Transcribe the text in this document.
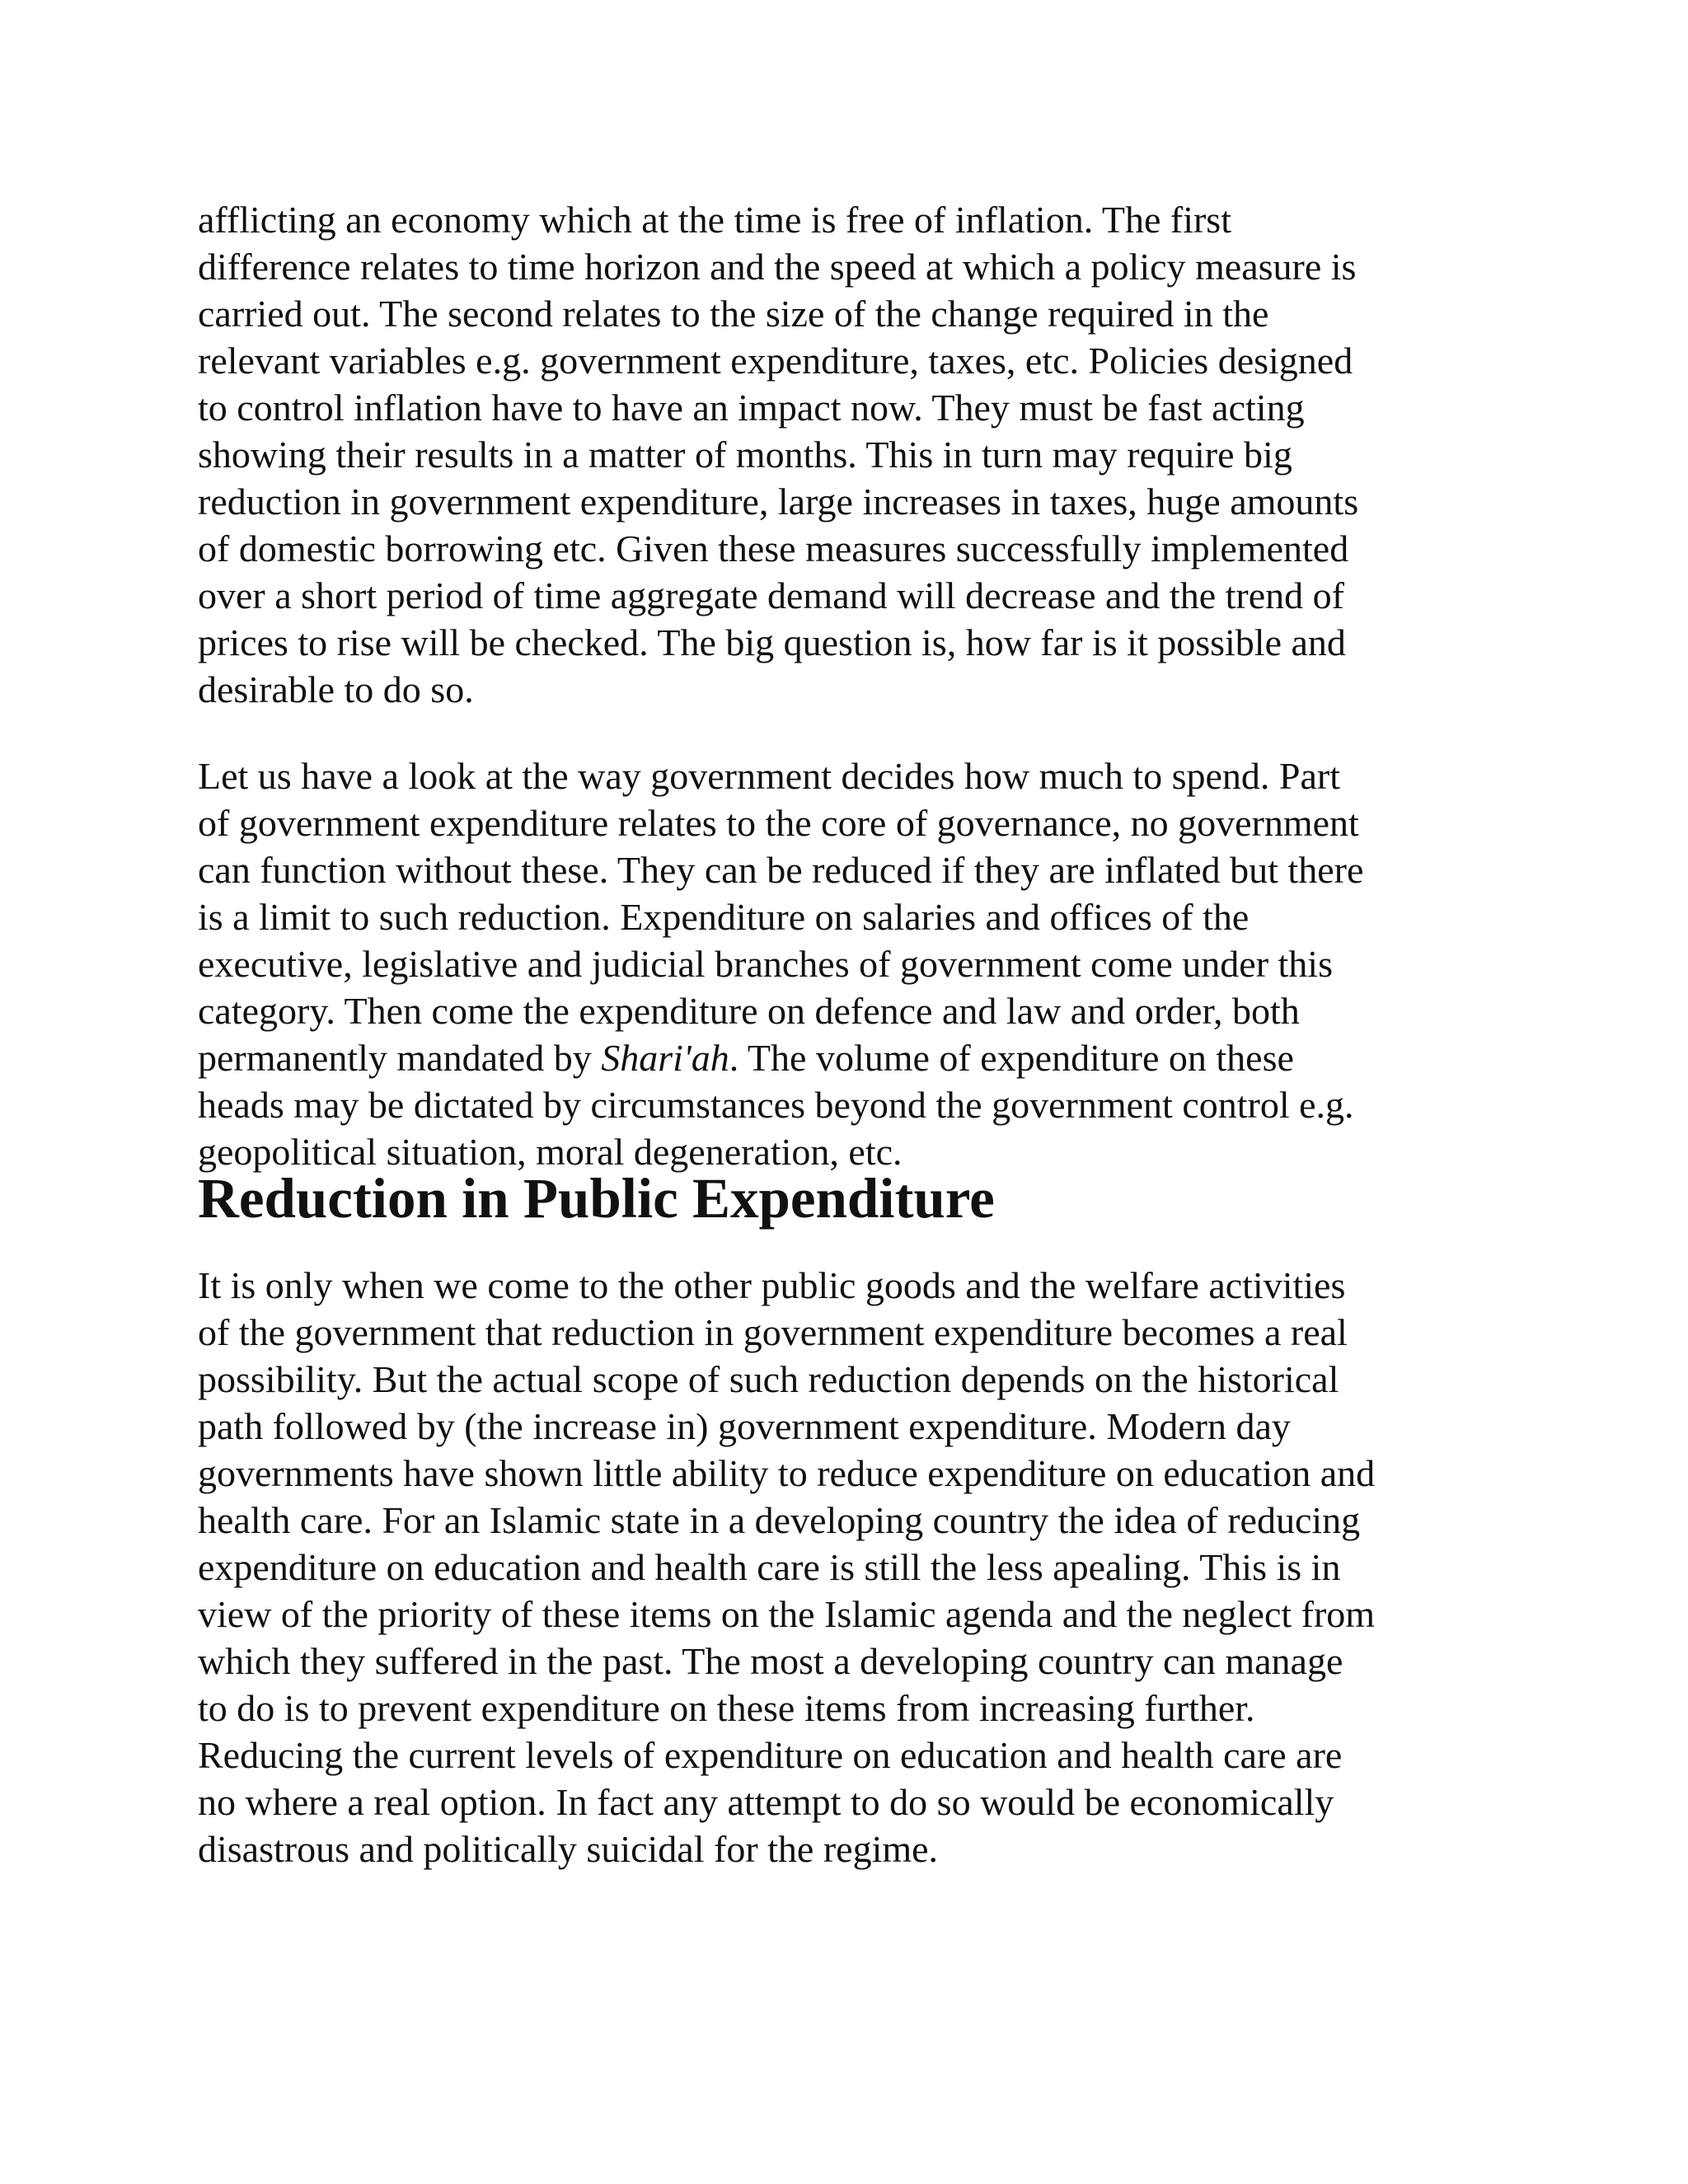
afflicting an economy which at the time is free of inflation. The first
difference relates to time horizon and the speed at which a policy measure is
carried out. The second relates to the size of the change required in the
relevant variables e.g. government expenditure, taxes, etc. Policies designed
to control inflation have to have an impact now. They must be fast acting
showing their results in a matter of months. This in turn may require big
reduction in government expenditure, large increases in taxes, huge amounts
of domestic borrowing etc. Given these measures successfully implemented
over a short period of time aggregate demand will decrease and the trend of
prices to rise will be checked. The big question is, how far is it possible and
desirable to do so.

Let us have a look at the way government decides how much to spend. Part
of government expenditure relates to the core of governance, no government
can function without these. They can be reduced if they are inflated but there
is a limit to such reduction. Expenditure on salaries and offices of the
executive, legislative and judicial branches of government come under this
category. Then come the expenditure on defence and law and order, both
permanently mandated by Shari'ah. The volume of expenditure on these
heads may be dictated by circumstances beyond the government control e.g.
geopolitical situation, moral degeneration, etc.

Reduction in Public Expenditure

It is only when we come to the other public goods and the welfare activities
of the government that reduction in government expenditure becomes a real
possibility. But the actual scope of such reduction depends on the historical
path followed by (the increase in) government expenditure. Modern day
governments have shown little ability to reduce expenditure on education and
health care. For an Islamic state in a developing country the idea of reducing
expenditure on education and health care is still the less apealing. This is in
view of the priority of these items on the Islamic agenda and the neglect from
which they suffered in the past. The most a developing country can manage
to do is to prevent expenditure on these items from increasing further.
Reducing the current levels of expenditure on education and health care are
no where a real option. In fact any attempt to do so would be economically
disastrous and politically suicidal for the regime.
